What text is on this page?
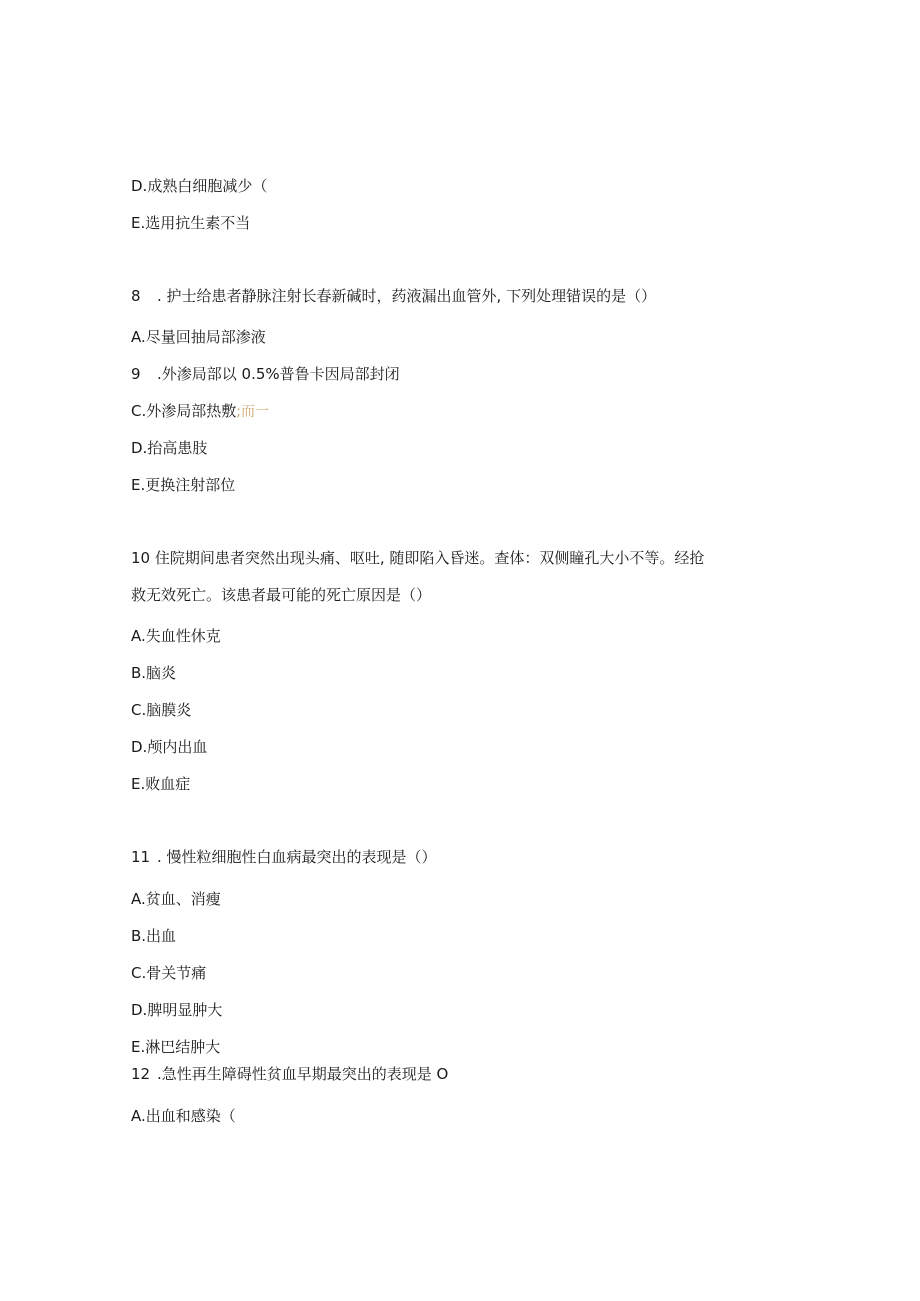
D.成熟白细胞减少（
E.选用抗生素不当
8 . 护士给患者静脉注射长春新碱时，药液漏出血管外, 下列处理错误的是（）
A.尽量回抽局部渗液
9 .外渗局部以 0.5%普鲁卡因局部封闭
C.外渗局部热敷;而一
D.抬高患肢
E.更换注射部位
10 住院期间患者突然出现头痛、呕吐, 随即陷入昏迷。查体：双侧瞳孔大小不等。经抢
救无效死亡。该患者最可能的死亡原因是（）
A.失血性休克
B.脑炎
C.脑膜炎
D.颅内出血
E.败血症
11 . 慢性粒细胞性白血病最突出的表现是（）
A.贫血、消瘦
B.出血
C.骨关节痛
D.脾明显肿大
E.淋巴结肿大
12 .急性再生障碍性贫血早期最突出的表现是 O
A.出血和感染（
